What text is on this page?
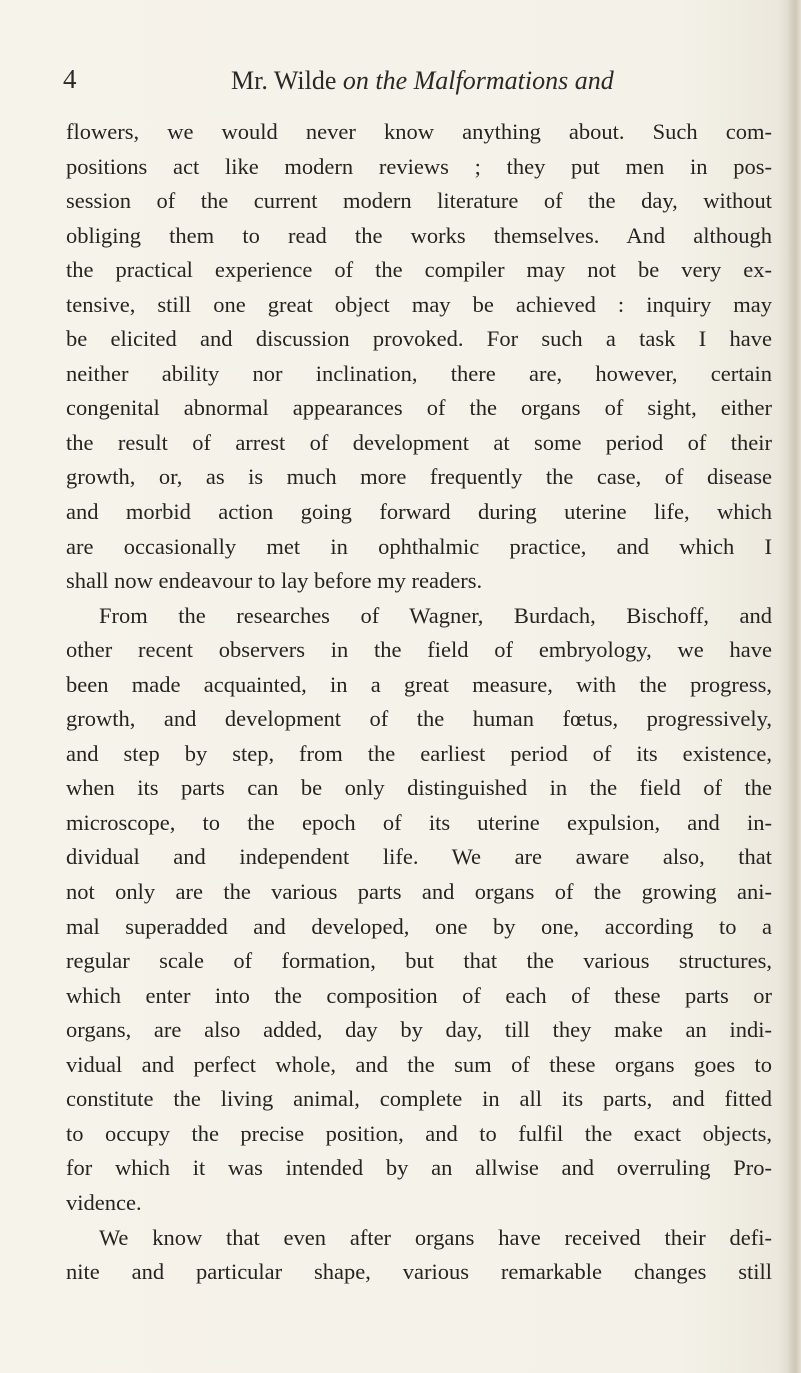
4	Mr. Wilde on the Malformations and
flowers, we would never know anything about. Such com-
positions act like modern reviews ; they put men in pos-
session of the current modern literature of the day, without
obliging them to read the works themselves. And although
the practical experience of the compiler may not be very ex-
tensive, still one great object may be achieved : inquiry may
be elicited and discussion provoked. For such a task I have
neither ability nor inclination, there are, however, certain
congenital abnormal appearances of the organs of sight, either
the result of arrest of development at some period of their
growth, or, as is much more frequently the case, of disease
and morbid action going forward during uterine life, which
are occasionally met in ophthalmic practice, and which I
shall now endeavour to lay before my readers.
From the researches of Wagner, Burdach, Bischoff, and
other recent observers in the field of embryology, we have
been made acquainted, in a great measure, with the progress,
growth, and development of the human fœtus, progressively,
and step by step, from the earliest period of its existence,
when its parts can be only distinguished in the field of the
microscope, to the epoch of its uterine expulsion, and in-
dividual and independent life. We are aware also, that
not only are the various parts and organs of the growing ani-
mal superadded and developed, one by one, according to a
regular scale of formation, but that the various structures,
which enter into the composition of each of these parts or
organs, are also added, day by day, till they make an indi-
vidual and perfect whole, and the sum of these organs goes to
constitute the living animal, complete in all its parts, and fitted
to occupy the precise position, and to fulfil the exact objects,
for which it was intended by an allwise and overruling Pro-
vidence.
We know that even after organs have received their defi-
nite and particular shape, various remarkable changes still
